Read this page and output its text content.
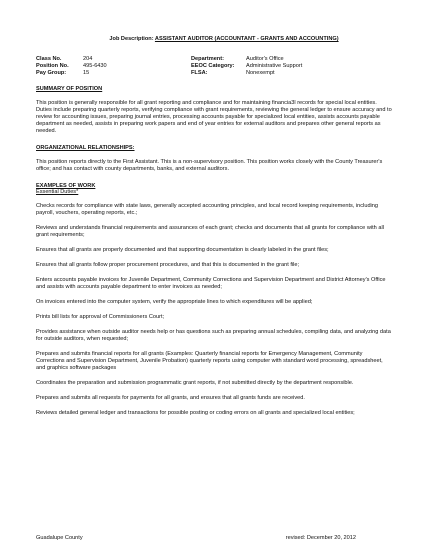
Job Description: ASSISTANT AUDITOR (ACCOUNTANT - GRANTS AND ACCOUNTING)
Class No.	204
Position No.	495-6430
Pay Group:	15
Department:	Auditor's Office
EEOC Category:	Administrative Support
FLSA:	Nonexempt
SUMMARY OF POSITION

This position is generally responsible for all grant reporting and compliance and for maintaining financia3l records for special local entities. Duties include preparing quarterly reports, verifying compliance with grant requirements, reviewing the general ledger to ensure accuracy and to review for accounting issues, preparing journal entries, processing accounts payable for specialized local entities, assists accounts payable department as needed, assists in preparing work papers and end of year entries for external auditors and prepares other general reports as needed.

ORGANIZATIONAL RELATIONSHIPS:

This position reports directly to the First Assistant. This is a non-supervisory position. This position works closely with the County Treasurer's office; and has contact with county departments, banks, and external auditors.

EXAMPLES OF WORK
Essential Duties*

Checks records for compliance with state laws, generally accepted accounting principles, and local record keeping requirements, including payroll, vouchers, operating reports, etc.;

Reviews and understands financial requirements and assurances of each grant; checks and documents that all grants for compliance with all grant requirements;

Ensures that all grants are properly documented and that supporting documentation is clearly labeled in the grant files;

Ensures that all grants follow proper procurement procedures, and that this is documented in the grant file;

Enters accounts payable invoices for Juvenile Department, Community Corrections and Supervision Department and District Attorney's Office and assists with accounts payable department to enter invoices as needed;

On invoices entered into the computer system, verify the appropriate lines to which expenditures will be applied;

Prints bill lists for approval of Commissioners Court;

Provides assistance when outside auditor needs help or has questions such as preparing annual schedules, compiling data, and analyzing data for outside auditors, when requested;

Prepares and submits financial reports for all grants (Examples: Quarterly financial reports for Emergency Management, Community Corrections and Supervision Department, Juvenile Probation) quarterly reports using computer with standard word processing, spreadsheet, and graphics software packages

Coordinates the preparation and submission programmatic grant reports, if not submitted directly by the department responsible.

Prepares and submits all requests for payments for all grants, and ensures that all grants funds are received.

Reviews detailed general ledger and transactions for possible posting or coding errors on all grants and specialized local entities;

Guadalupe County	revised: December 20, 2012
